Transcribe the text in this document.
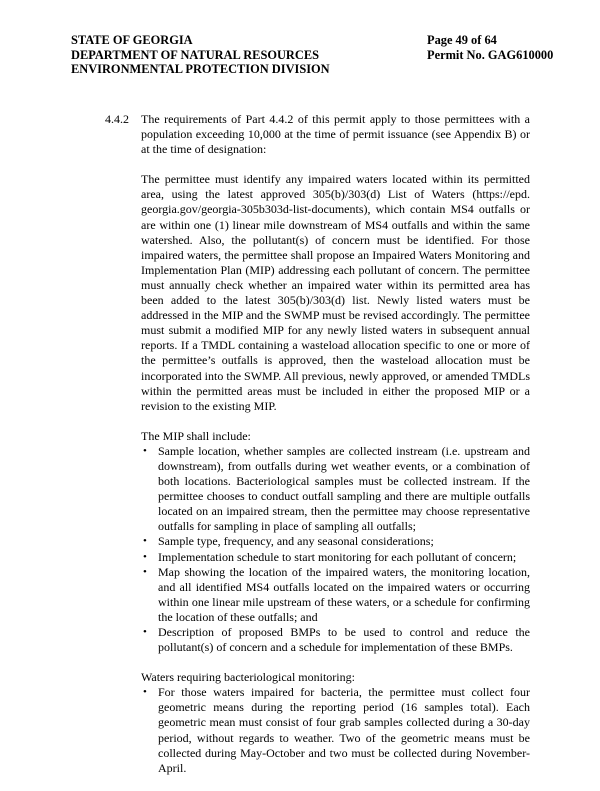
STATE OF GEORGIA	Page 49 of 64
DEPARTMENT OF NATURAL RESOURCES	Permit No. GAG610000
ENVIRONMENTAL PROTECTION DIVISION
4.4.2 The requirements of Part 4.4.2 of this permit apply to those permittees with a population exceeding 10,000 at the time of permit issuance (see Appendix B) or at the time of designation:

The permittee must identify any impaired waters located within its permitted area, using the latest approved 305(b)/303(d) List of Waters (https://epd. georgia.gov/georgia-305b303d-list-documents), which contain MS4 outfalls or are within one (1) linear mile downstream of MS4 outfalls and within the same watershed. Also, the pollutant(s) of concern must be identified. For those impaired waters, the permittee shall propose an Impaired Waters Monitoring and Implementation Plan (MIP) addressing each pollutant of concern. The permittee must annually check whether an impaired water within its permitted area has been added to the latest 305(b)/303(d) list. Newly listed waters must be addressed in the MIP and the SWMP must be revised accordingly. The permittee must submit a modified MIP for any newly listed waters in subsequent annual reports. If a TMDL containing a wasteload allocation specific to one or more of the permittee’s outfalls is approved, then the wasteload allocation must be incorporated into the SWMP. All previous, newly approved, or amended TMDLs within the permitted areas must be included in either the proposed MIP or a revision to the existing MIP.

The MIP shall include:

• Sample location, whether samples are collected instream (i.e. upstream and downstream), from outfalls during wet weather events, or a combination of both locations. Bacteriological samples must be collected instream. If the permittee chooses to conduct outfall sampling and there are multiple outfalls located on an impaired stream, then the permittee may choose representative outfalls for sampling in place of sampling all outfalls;
• Sample type, frequency, and any seasonal considerations;
• Implementation schedule to start monitoring for each pollutant of concern;
• Map showing the location of the impaired waters, the monitoring location, and all identified MS4 outfalls located on the impaired waters or occurring within one linear mile upstream of these waters, or a schedule for confirming the location of these outfalls; and
• Description of proposed BMPs to be used to control and reduce the pollutant(s) of concern and a schedule for implementation of these BMPs.

Waters requiring bacteriological monitoring:

• For those waters impaired for bacteria, the permittee must collect four geometric means during the reporting period (16 samples total). Each geometric mean must consist of four grab samples collected during a 30-day period, without regards to weather. Two of the geometric means must be collected during May-October and two must be collected during November-April.
